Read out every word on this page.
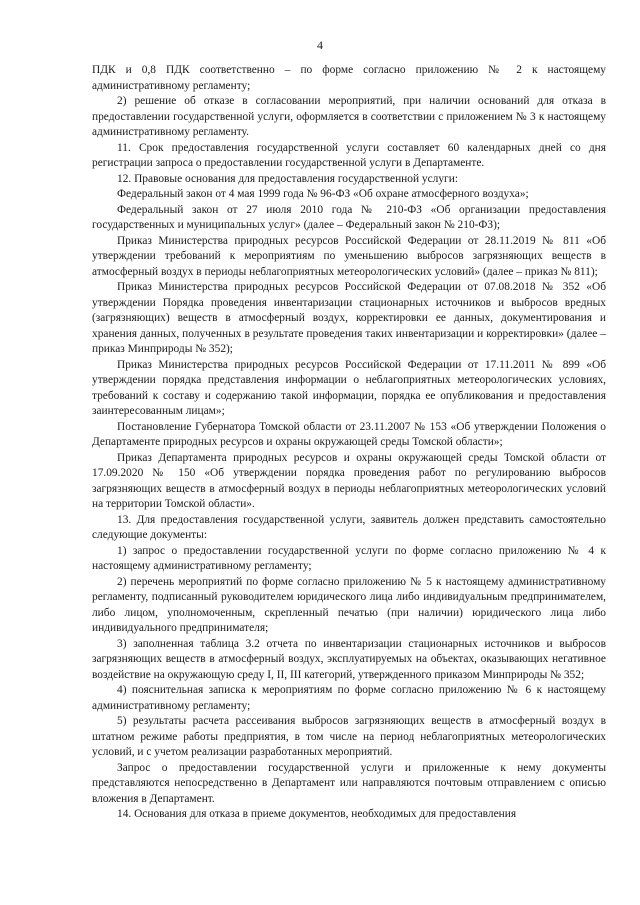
4

ПДК и 0,8 ПДК соответственно – по форме согласно приложению № 2 к настоящему административному регламенту;

2) решение об отказе в согласовании мероприятий, при наличии оснований для отказа в предоставлении государственной услуги, оформляется в соответствии с приложением № 3 к настоящему административному регламенту.

11. Срок предоставления государственной услуги составляет 60 календарных дней со дня регистрации запроса о предоставлении государственной услуги в Департаменте.

12. Правовые основания для предоставления государственной услуги:

Федеральный закон от 4 мая 1999 года № 96-ФЗ «Об охране атмосферного воздуха»;

Федеральный закон от 27 июля 2010 года № 210-ФЗ «Об организации предоставления государственных и муниципальных услуг» (далее – Федеральный закон № 210-ФЗ);

Приказ Министерства природных ресурсов Российской Федерации от 28.11.2019 № 811 «Об утверждении требований к мероприятиям по уменьшению выбросов загрязняющих веществ в атмосферный воздух в периоды неблагоприятных метеорологических условий» (далее – приказ № 811);

Приказ Министерства природных ресурсов Российской Федерации от 07.08.2018 № 352 «Об утверждении Порядка проведения инвентаризации стационарных источников и выбросов вредных (загрязняющих) веществ в атмосферный воздух, корректировки ее данных, документирования и хранения данных, полученных в результате проведения таких инвентаризации и корректировки» (далее – приказ Минприроды № 352);

Приказ Министерства природных ресурсов Российской Федерации от 17.11.2011 № 899 «Об утверждении порядка представления информации о неблагоприятных метеорологических условиях, требований к составу и содержанию такой информации, порядка ее опубликования и предоставления заинтересованным лицам»;

Постановление Губернатора Томской области от 23.11.2007 № 153 «Об утверждении Положения о Департаменте природных ресурсов и охраны окружающей среды Томской области»;

Приказ Департамента природных ресурсов и охраны окружающей среды Томской области от 17.09.2020 № 150 «Об утверждении порядка проведения работ по регулированию выбросов загрязняющих веществ в атмосферный воздух в периоды неблагоприятных метеорологических условий на территории Томской области».

13. Для предоставления государственной услуги, заявитель должен представить самостоятельно следующие документы:

1) запрос о предоставлении государственной услуги по форме согласно приложению № 4 к настоящему административному регламенту;

2) перечень мероприятий по форме согласно приложению № 5 к настоящему административному регламенту, подписанный руководителем юридического лица либо индивидуальным предпринимателем, либо лицом, уполномоченным, скрепленный печатью (при наличии) юридического лица либо индивидуального предпринимателя;

3) заполненная таблица 3.2 отчета по инвентаризации стационарных источников и выбросов загрязняющих веществ в атмосферный воздух, эксплуатируемых на объектах, оказывающих негативное воздействие на окружающую среду I, II, III категорий, утвержденного приказом Минприроды № 352;

4) пояснительная записка к мероприятиям по форме согласно приложению № 6 к настоящему административному регламенту;

5) результаты расчета рассеивания выбросов загрязняющих веществ в атмосферный воздух в штатном режиме работы предприятия, в том числе на период неблагоприятных метеорологических условий, и с учетом реализации разработанных мероприятий.

Запрос о предоставлении государственной услуги и приложенные к нему документы представляются непосредственно в Департамент или направляются почтовым отправлением с описью вложения в Департамент.

14. Основания для отказа в приеме документов, необходимых для предоставления
